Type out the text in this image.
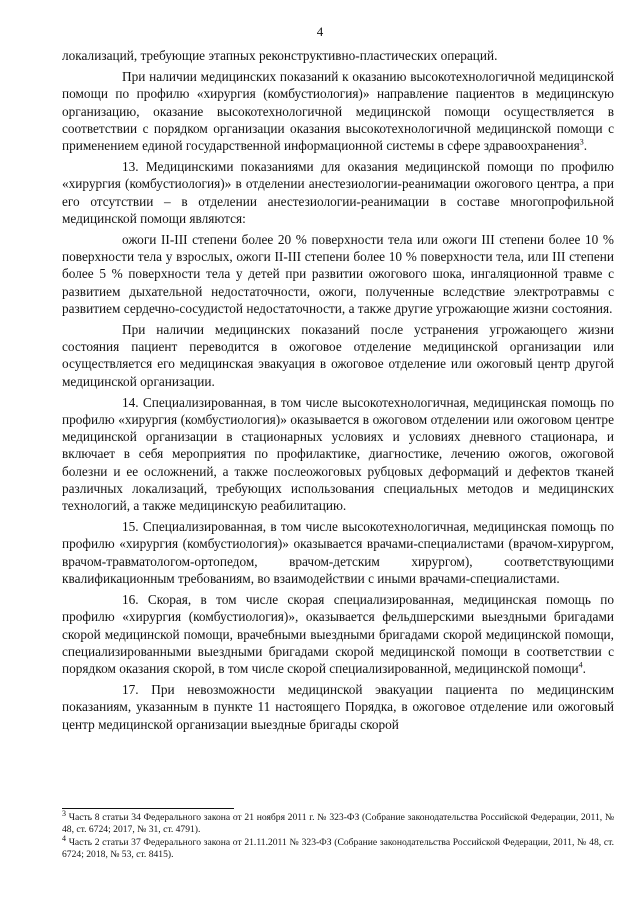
4

локализаций, требующие этапных реконструктивно-пластических операций.

При наличии медицинских показаний к оказанию высокотехнологичной медицинской помощи по профилю «хирургия (комбустиология)» направление пациентов в медицинскую организацию, оказание высокотехнологичной медицинской помощи осуществляется в соответствии с порядком организации оказания высокотехнологичной медицинской помощи с применением единой государственной информационной системы в сфере здравоохранения$^3$.

13. Медицинскими показаниями для оказания медицинской помощи по профилю «хирургия (комбустиология)» в отделении анестезиологии-реанимации ожогового центра, а при его отсутствии – в отделении анестезиологии-реанимации в составе многопрофильной медицинской помощи являются:

ожоги II-III степени более 20 % поверхности тела или ожоги III степени более 10 % поверхности тела у взрослых, ожоги II-III степени более 10 % поверхности тела, или III степени более 5 % поверхности тела у детей при развитии ожогового шока, ингаляционной травме с развитием дыхательной недостаточности, ожоги, полученные вследствие электротравмы с развитием сердечно-сосудистой недостаточности, а также другие угрожающие жизни состояния.

При наличии медицинских показаний после устранения угрожающего жизни состояния пациент переводится в ожоговое отделение медицинской организации или осуществляется его медицинская эвакуация в ожоговое отделение или ожоговый центр другой медицинской организации.

14. Специализированная, в том числе высокотехнологичная, медицинская помощь по профилю «хирургия (комбустиология)» оказывается в ожоговом отделении или ожоговом центре медицинской организации в стационарных условиях и условиях дневного стационара, и включает в себя мероприятия по профилактике, диагностике, лечению ожогов, ожоговой болезни и ее осложнений, а также послеожоговых рубцовых деформаций и дефектов тканей различных локализаций, требующих использования специальных методов и медицинских технологий, а также медицинскую реабилитацию.

15. Специализированная, в том числе высокотехнологичная, медицинская помощь по профилю «хирургия (комбустиология)» оказывается врачами-специалистами (врачом-хирургом, врачом-травматологом-ортопедом, врачом-детским хирургом), соответствующими квалификационным требованиям, во взаимодействии с иными врачами-специалистами.

16. Скорая, в том числе скорая специализированная, медицинская помощь по профилю «хирургия (комбустиология)», оказывается фельдшерскими выездными бригадами скорой медицинской помощи, врачебными выездными бригадами скорой медицинской помощи, специализированными выездными бригадами скорой медицинской помощи в соответствии с порядком оказания скорой, в том числе скорой специализированной, медицинской помощи$^4$.

17. При невозможности медицинской эвакуации пациента по медицинским показаниям, указанным в пункте 11 настоящего Порядка, в ожоговое отделение или ожоговый центр медицинской организации выездные бригады скорой

$^3$ Часть 8 статьи 34 Федерального закона от 21 ноября 2011 г. № 323-ФЗ (Собрание законодательства Российской Федерации, 2011, № 48, ст. 6724; 2017, № 31, ст. 4791).

$^4$ Часть 2 статьи 37 Федерального закона от 21.11.2011 № 323-ФЗ (Собрание законодательства Российской Федерации, 2011, № 48, ст. 6724; 2018, № 53, ст. 8415).
